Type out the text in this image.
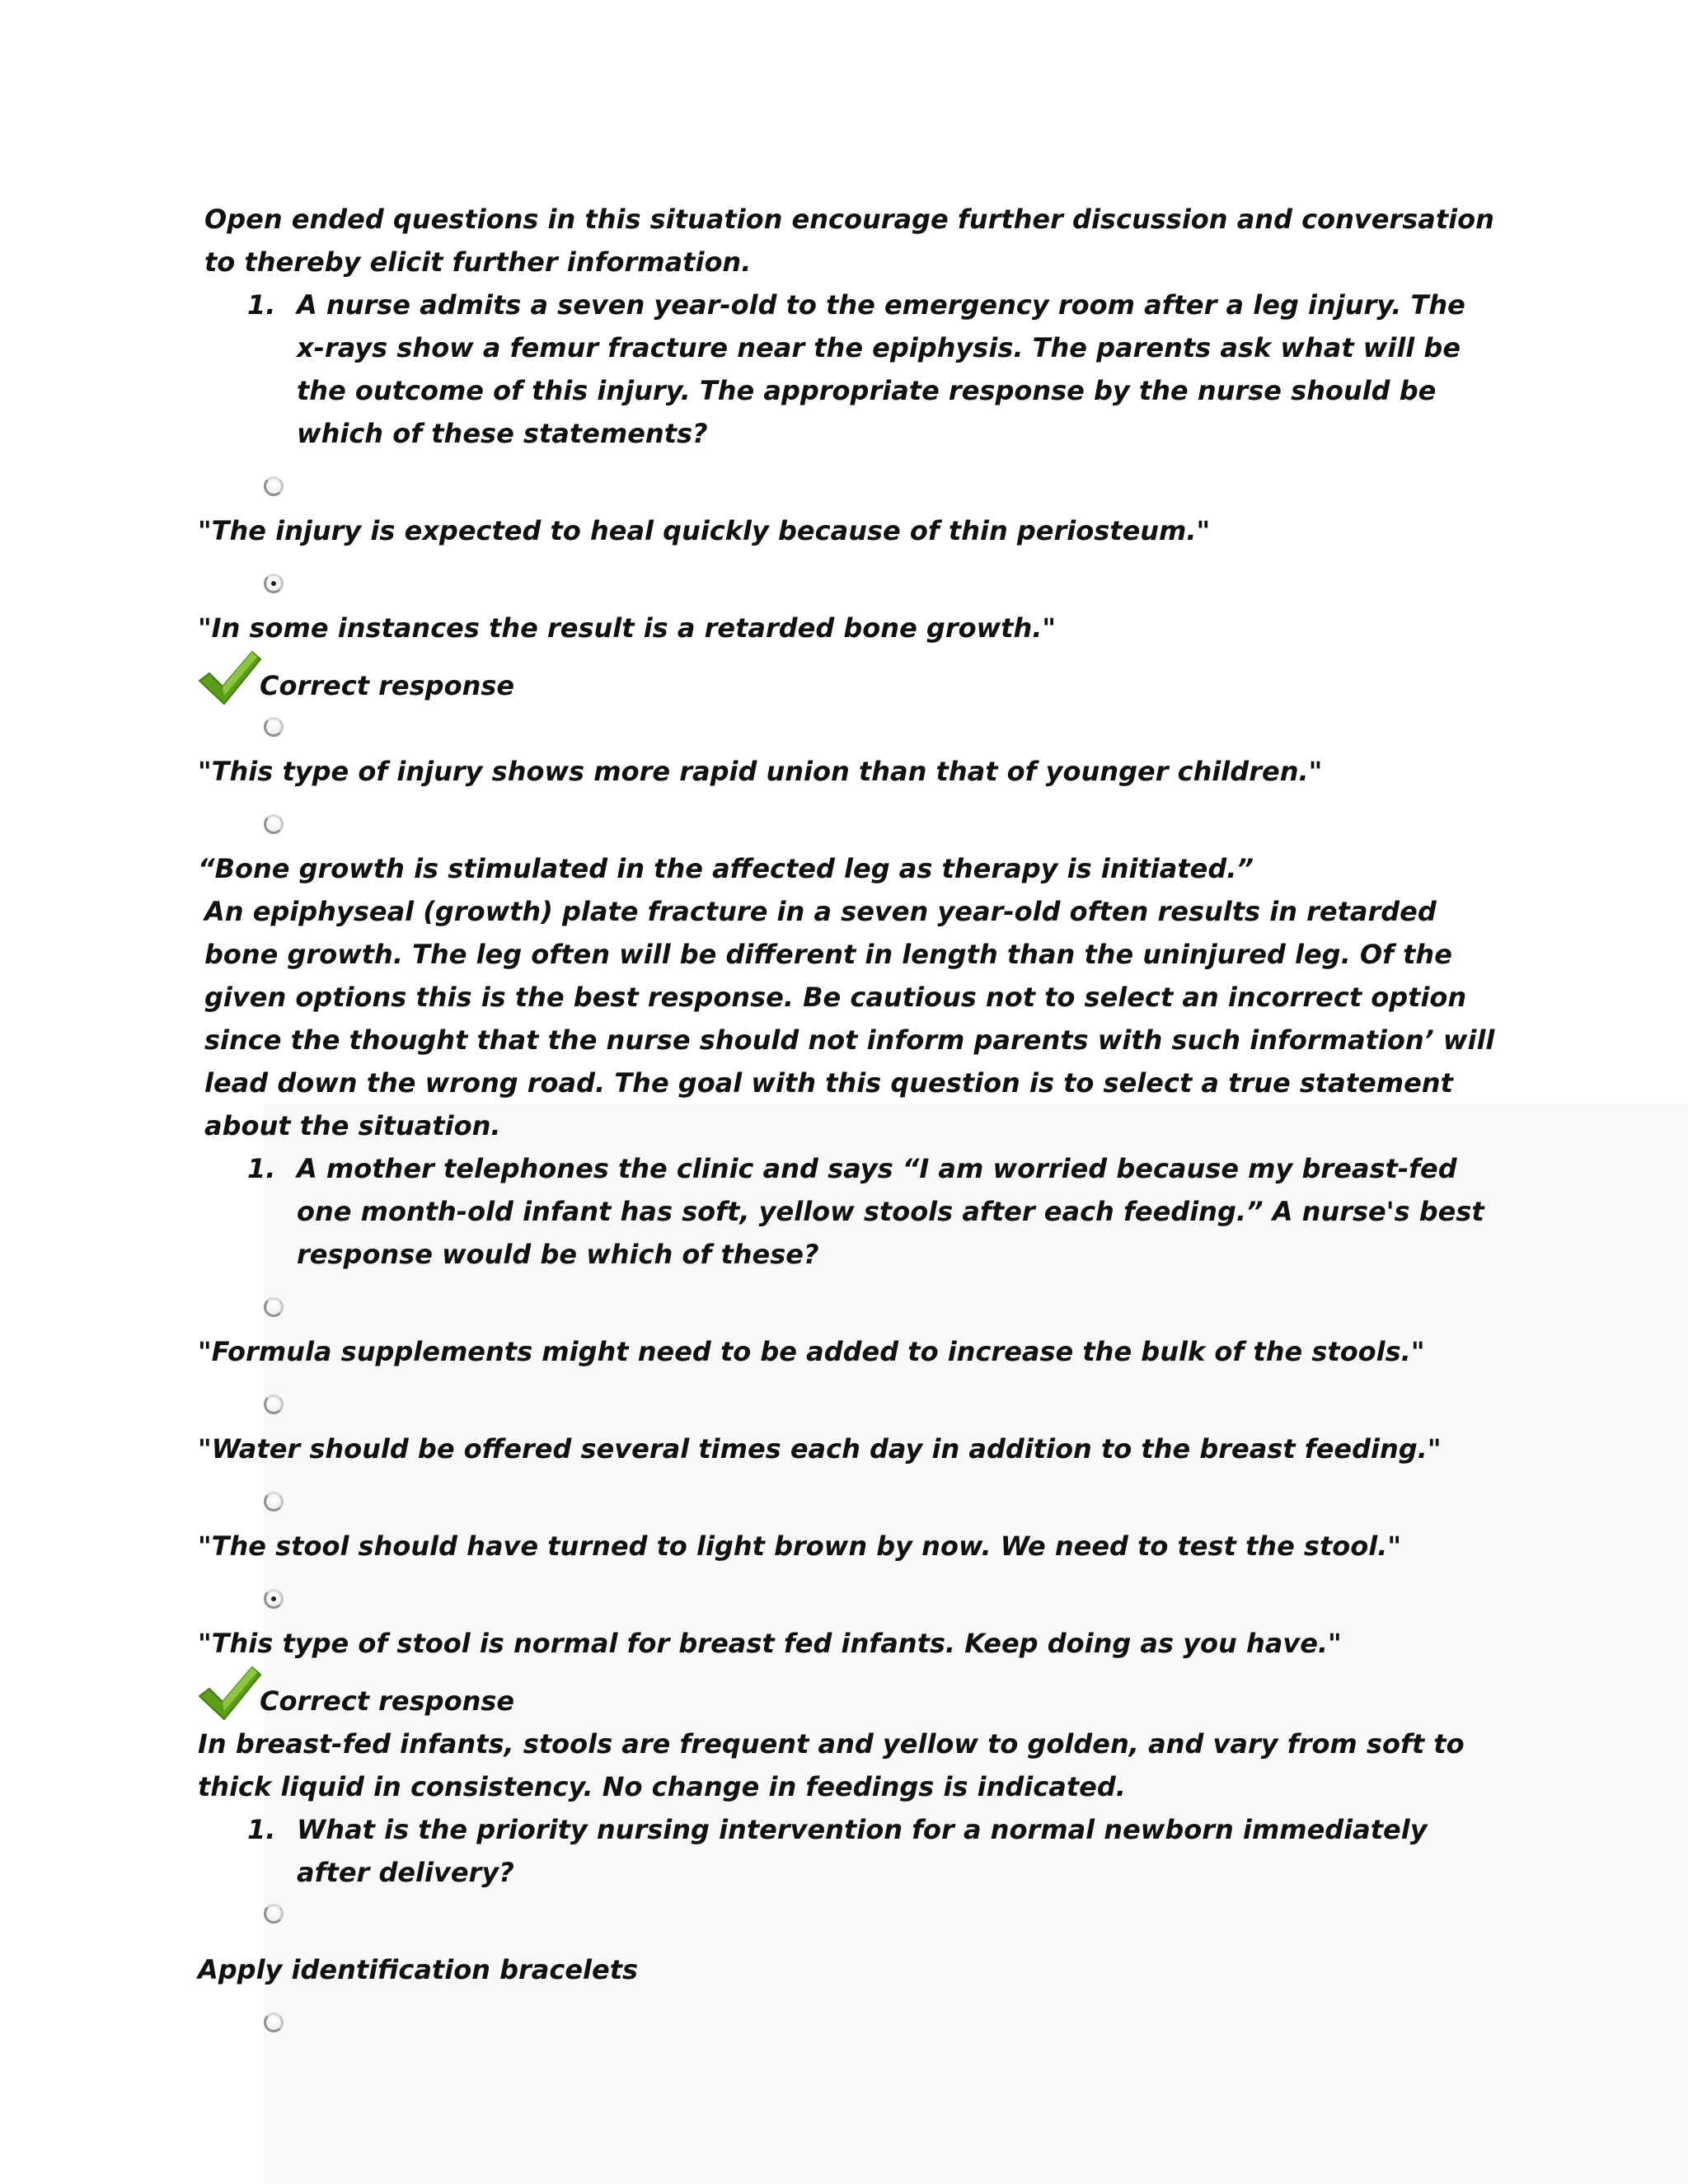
Open ended questions in this situation encourage further discussion and conversation to thereby elicit further information.

1. A nurse admits a seven year-old to the emergency room after a leg injury. The x-rays show a femur fracture near the epiphysis. The parents ask what will be the outcome of this injury. The appropriate response by the nurse should be which of these statements?

"The injury is expected to heal quickly because of thin periosteum."

"In some instances the result is a retarded bone growth."

Correct response

"This type of injury shows more rapid union than that of younger children."

“Bone growth is stimulated in the affected leg as therapy is initiated.”

An epiphyseal (growth) plate fracture in a seven year-old often results in retarded bone growth. The leg often will be different in length than the uninjured leg. Of the given options this is the best response. Be cautious not to select an incorrect option since the thought that the nurse should not inform parents with such information’ will lead down the wrong road. The goal with this question is to select a true statement about the situation.

1. A mother telephones the clinic and says “I am worried because my breast-fed one month-old infant has soft, yellow stools after each feeding.” A nurse's best response would be which of these?

"Formula supplements might need to be added to increase the bulk of the stools."

"Water should be offered several times each day in addition to the breast feeding."

"The stool should have turned to light brown by now. We need to test the stool."

"This type of stool is normal for breast fed infants. Keep doing as you have."

Correct response

In breast-fed infants, stools are frequent and yellow to golden, and vary from soft to thick liquid in consistency. No change in feedings is indicated.

1. What is the priority nursing intervention for a normal newborn immediately after delivery?

Apply identification bracelets
